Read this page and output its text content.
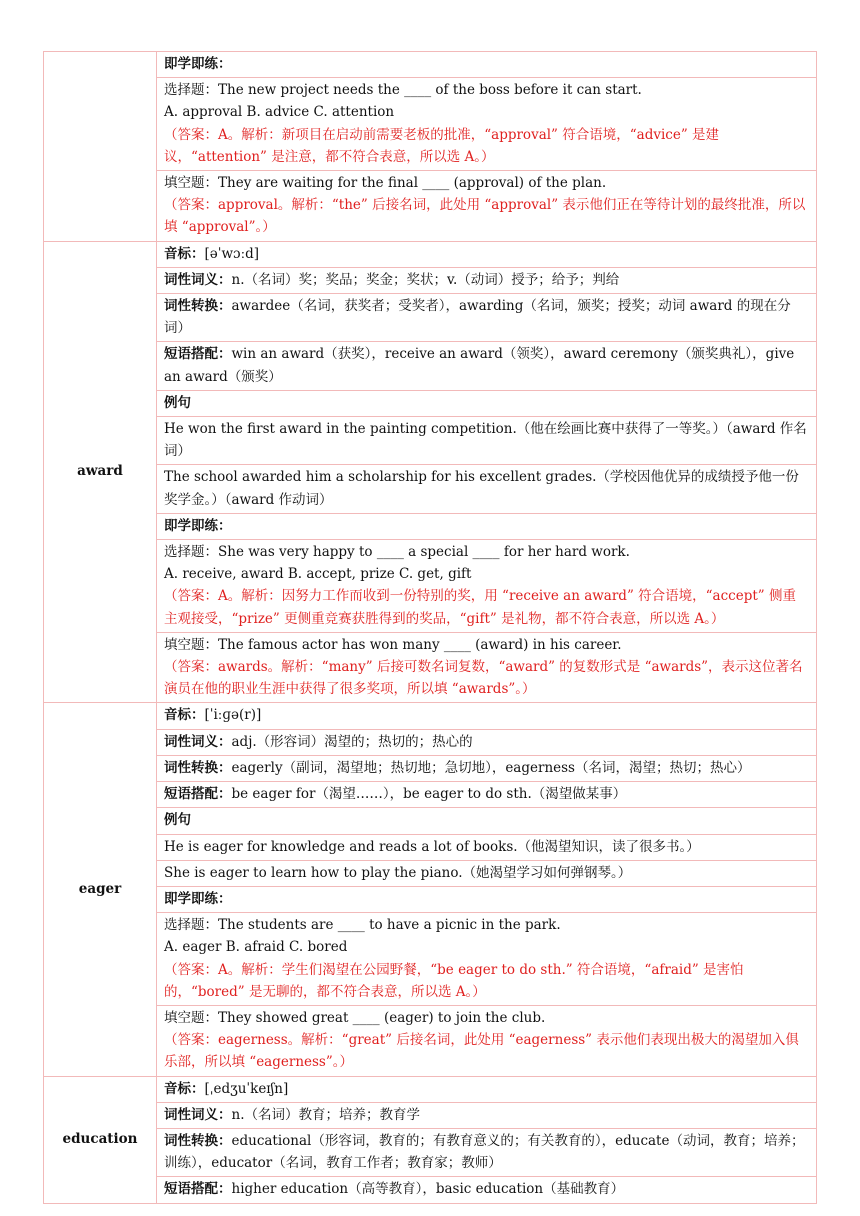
	即学即练：

	选择题：The new project needs the ____ of the boss before it can start.
A. approval B. advice C. attention
（答案：A。解析：新项目在启动前需要老板的批准，“approval” 符合语境，“advice” 是建议，“attention” 是注意，都不符合表意，所以选 A。）

	填空题：They are waiting for the final ____ (approval) of the plan.
（答案：approval。解析：“the” 后接名词，此处用 “approval” 表示他们正在等待计划的最终批准，所以填 “approval”。）

award	音标：[əˈwɔːd]
	词性词义：n.（名词）奖；奖品；奖金；奖状；v.（动词）授予；给予；判给
	词性转换：awardee（名词，获奖者；受奖者），awarding（名词，颁奖；授奖；动词 award 的现在分词）
	短语搭配：win an award（获奖），receive an award（领奖），award ceremony（颁奖典礼），give an award（颁奖）

	例句

	He won the first award in the painting competition.（他在绘画比赛中获得了一等奖。）（award 作名词）
	The school awarded him a scholarship for his excellent grades.（学校因他优异的成绩授予他一份奖学金。）（award 作动词）

	即学即练：

	选择题：She was very happy to ____ a special ____ for her hard work.
A. receive, award B. accept, prize C. get, gift
（答案：A。解析：因努力工作而收到一份特别的奖，用 “receive an award” 符合语境，“accept” 侧重主观接受，“prize” 更侧重竞赛获胜得到的奖品，“gift” 是礼物，都不符合表意，所以选 A。）

	填空题：The famous actor has won many ____ (award) in his career.
（答案：awards。解析：“many” 后接可数名词复数，“award” 的复数形式是 “awards”，表示这位著名演员在他的职业生涯中获得了很多奖项，所以填 “awards”。）

eager	音标：[ˈiːɡə(r)]
	词性词义：adj.（形容词）渴望的；热切的；热心的
	词性转换：eagerly（副词，渴望地；热切地；急切地），eagerness（名词，渴望；热切；热心）
	短语搭配：be eager for（渴望……），be eager to do sth.（渴望做某事）

	例句

	He is eager for knowledge and reads a lot of books.（他渴望知识，读了很多书。）
	She is eager to learn how to play the piano.（她渴望学习如何弹钢琴。）

	即学即练：

	选择题：The students are ____ to have a picnic in the park.
A. eager B. afraid C. bored
（答案：A。解析：学生们渴望在公园野餐，“be eager to do sth.” 符合语境，“afraid” 是害怕的，“bored” 是无聊的，都不符合表意，所以选 A。）

	填空题：They showed great ____ (eager) to join the club.
（答案：eagerness。解析：“great” 后接名词，此处用 “eagerness” 表示他们表现出极大的渴望加入俱乐部，所以填 “eagerness”。）

education	音标：[ˌedʒuˈkeɪʃn]
	词性词义：n.（名词）教育；培养；教育学
	词性转换：educational（形容词，教育的；有教育意义的；有关教育的），educate（动词，教育；培养；训练），educator（名词，教育工作者；教育家；教师）
	短语搭配：higher education（高等教育），basic education（基础教育）
